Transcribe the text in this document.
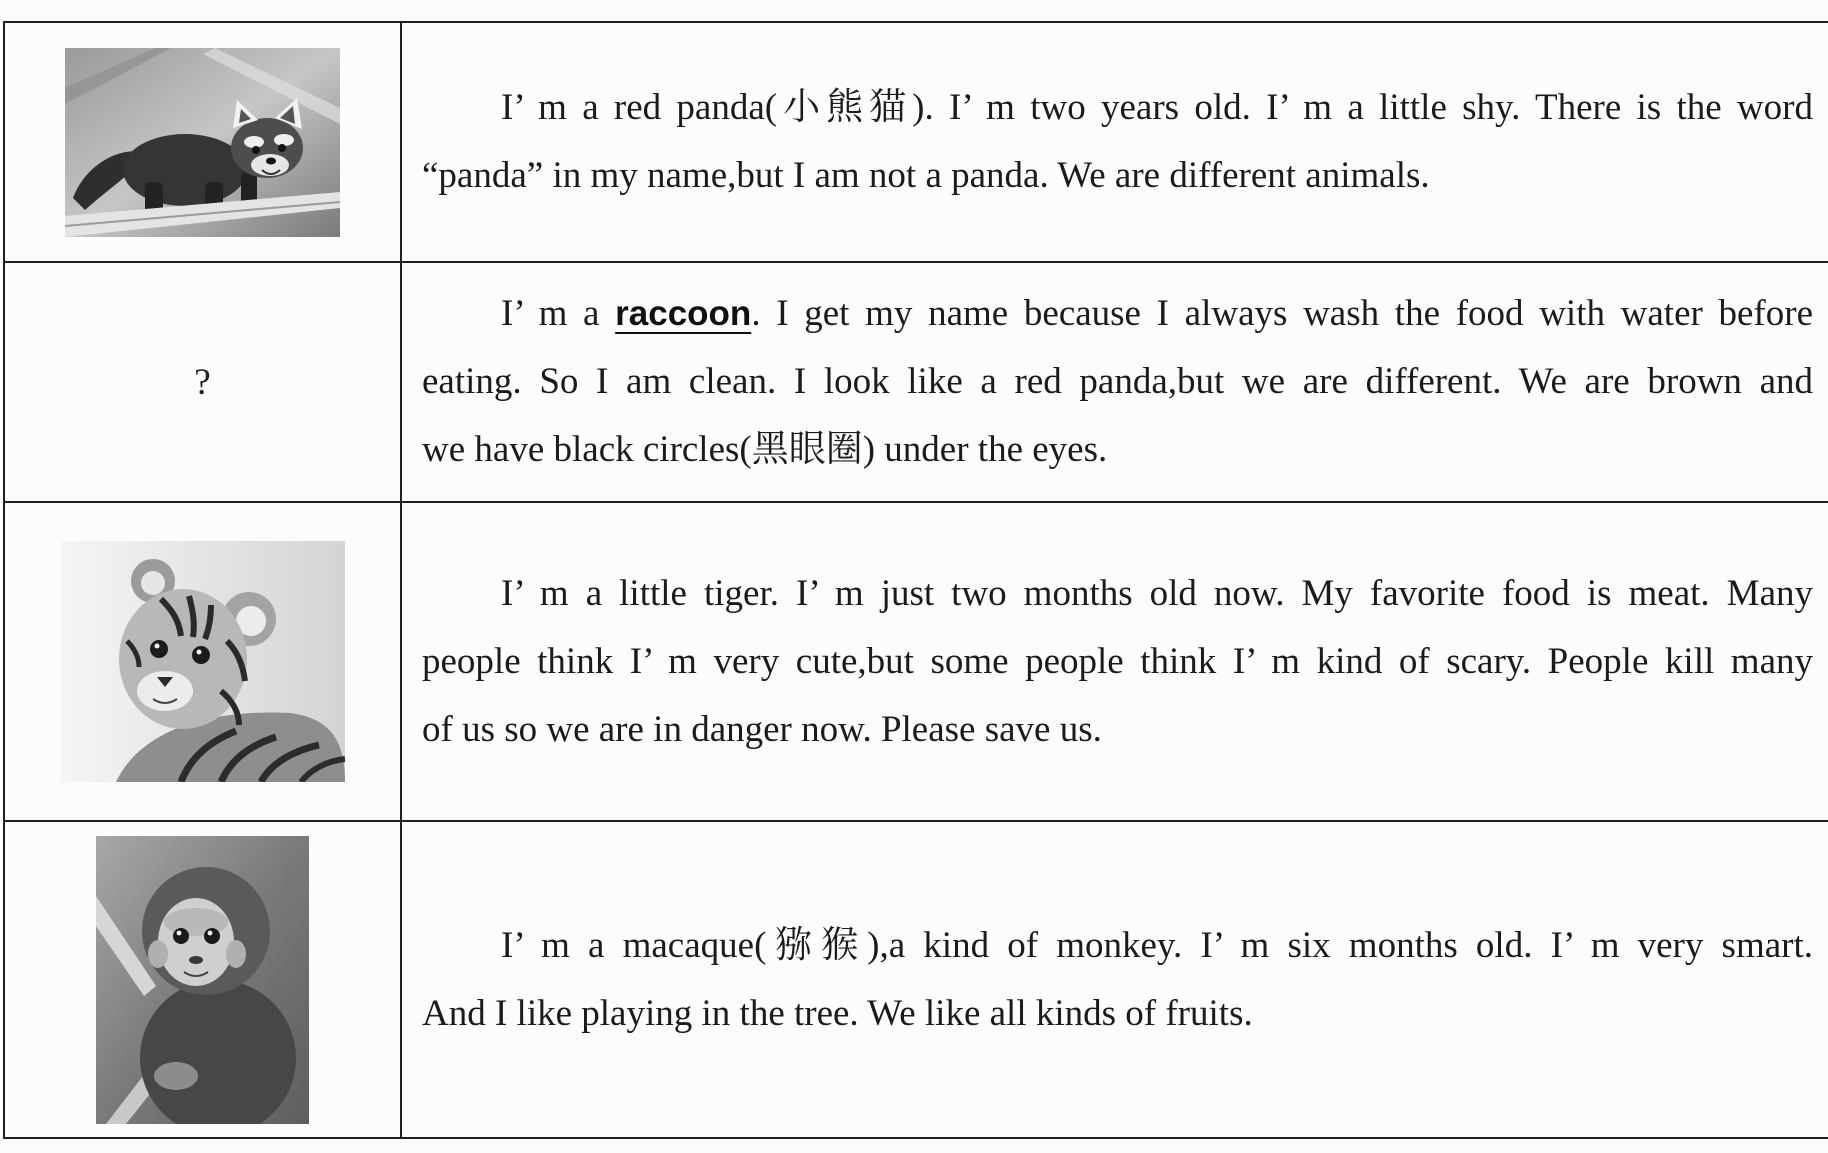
I’ m a red panda(小熊猫). I’ m two years old. I’ m a little shy. There is the word
“panda” in my name,but I am not a panda. We are different animals.
?
I’ m a raccoon. I get my name because I always wash the food with water before
eating. So I am clean. I look like a red panda,but we are different. We are brown and
we have black circles(黑眼圈) under the eyes.
I’ m a little tiger. I’ m just two months old now. My favorite food is meat. Many
people think I’ m very cute,but some people think I’ m kind of scary. People kill many
of us so we are in danger now. Please save us.
I’ m a macaque(猕猴),a kind of monkey. I’ m six months old. I’ m very smart.
And I like playing in the tree. We like all kinds of fruits.
